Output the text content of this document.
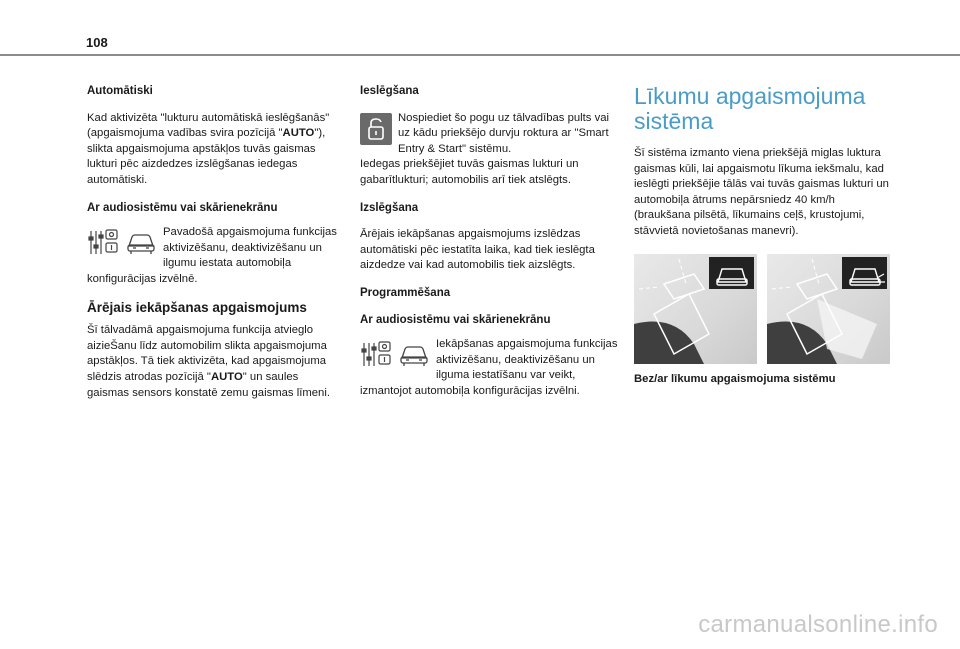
108
Automātiski

Kad aktivizēta "lukturu automātiskā ieslēgšanās" (apgaismojuma vadības svira pozīcijā "AUTO"), slikta apgaismojuma apstākļos tuvās gaismas lukturi pēc aizdedzes izslēgšanas iedegas automātiski.

Ar audiosistēmu vai skārienekrānu
Pavadošā apgaismojuma funkcijas aktivizēšanu, deaktivizēšanu un ilgumu iestata automobiļa konfigurācijas izvēlnē.
Ārējais iekāpšanas apgaismojums

Šī tālvadāmā apgaismojuma funkcija atvieglo aizieŠanu līdz automobilim slikta apgaismojuma apstākļos. Tā tiek aktivizēta, kad apgaismojuma slēdzis atrodas pozīcijā "AUTO" un saules gaismas sensors konstatē zemu gaismas līmeni.

Ieslēgšana
Nospiediet šo pogu uz tālvadības pults vai uz kādu priekšējo durvju roktura ar "Smart Entry & Start" sistēmu.
Iedegas priekšējiet tuvās gaismas lukturi un gabarītlukturi; automobilis arī tiek atslēgts.
Izslēgšana

Ārējais iekāpšanas apgaismojums izslēdzas automātiski pēc iestatīta laika, kad tiek ieslēgta aizdedze vai kad automobilis tiek aizslēgts.

Programmēšana
Ar audiosistēmu vai skārienekrānu
Iekāpšanas apgaismojuma funkcijas aktivizēšanu, deaktivizēšanu un ilguma iestatīšanu var veikt, izmantojot automobiļa konfigurācijas izvēlni.
Līkumu apgaismojuma sistēma

Šī sistēma izmanto viena priekšējā miglas luktura gaismas kūli, lai apgaismotu līkuma iekšmalu, kad ieslēgti priekšējie tālās vai tuvās gaismas lukturi un automobiļa ātrums nepārsniedz 40 km/h (braukšana pilsētā, līkumains ceļš, krustojumi, stāvvietā novietošanas manevri).

Bez/ar līkumu apgaismojuma sistēmu
carmanualsonline.info
